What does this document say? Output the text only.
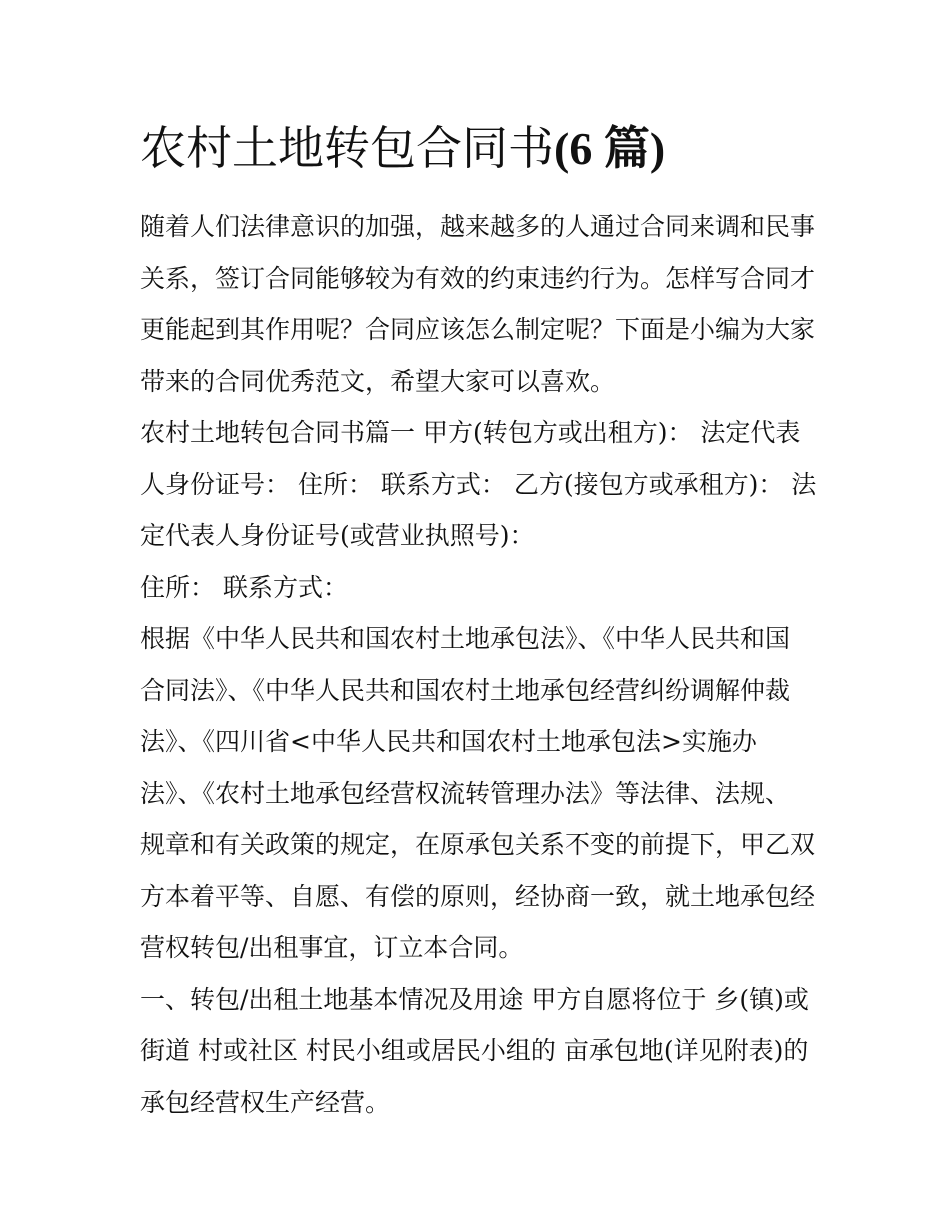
农村土地转包合同书(6 篇)
随着人们法律意识的加强，越来越多的人通过合同来调和民事
关系，签订合同能够较为有效的约束违约行为。怎样写合同才
更能起到其作用呢？合同应该怎么制定呢？下面是小编为大家
带来的合同优秀范文，希望大家可以喜欢。
农村土地转包合同书篇一 甲方(转包方或出租方)： 法定代表
人身份证号： 住所： 联系方式： 乙方(接包方或承租方)： 法
定代表人身份证号(或营业执照号)：
住所： 联系方式：
根据《中华人民共和国农村土地承包法》、《中华人民共和国
合同法》、《中华人民共和国农村土地承包经营纠纷调解仲裁
法》、《四川省<中华人民共和国农村土地承包法>实施办
法》、《农村土地承包经营权流转管理办法》等法律、法规、
规章和有关政策的规定，在原承包关系不变的前提下，甲乙双
方本着平等、自愿、有偿的原则，经协商一致，就土地承包经
营权转包/出租事宜，订立本合同。
一、转包/出租土地基本情况及用途 甲方自愿将位于 乡(镇)或
街道 村或社区 村民小组或居民小组的 亩承包地(详见附表)的
承包经营权生产经营。
